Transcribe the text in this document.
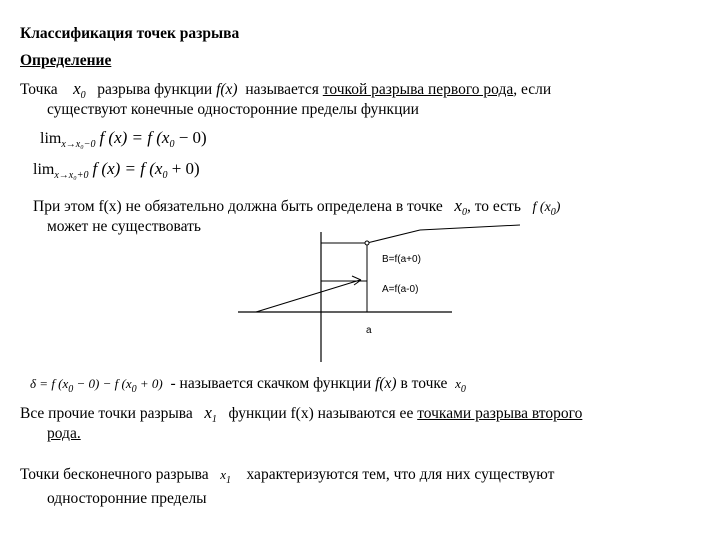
Классификация точек разрыва
Определение
Точка $x_0$ разрыва функции f(x) называется точкой разрыва первого рода, если
существуют конечные односторонние пределы функции
$\lim_{x\to x_0-0} f$ (x) = f $(x_0 - 0)$
$\lim_{x\to x_0+0} f$ (x) = f $(x_0 + 0)$
При этом f(x) не обязательно должна быть определена в точке $x_0$, то есть f $(x_0)$
может не существовать
B=f(a+0)
A=f(a-0)
a
δ = f $(x_0 - 0) - f$ $(x_0 + 0)$ - называется скачком функции f(x) в точке $x_0$
Все прочие точки разрыва $x_1$ функции f(x) называются ее точками разрыва второго
рода.
Точки бесконечного разрыва $x_1$ характеризуются тем, что для них существуют
односторонние пределы
